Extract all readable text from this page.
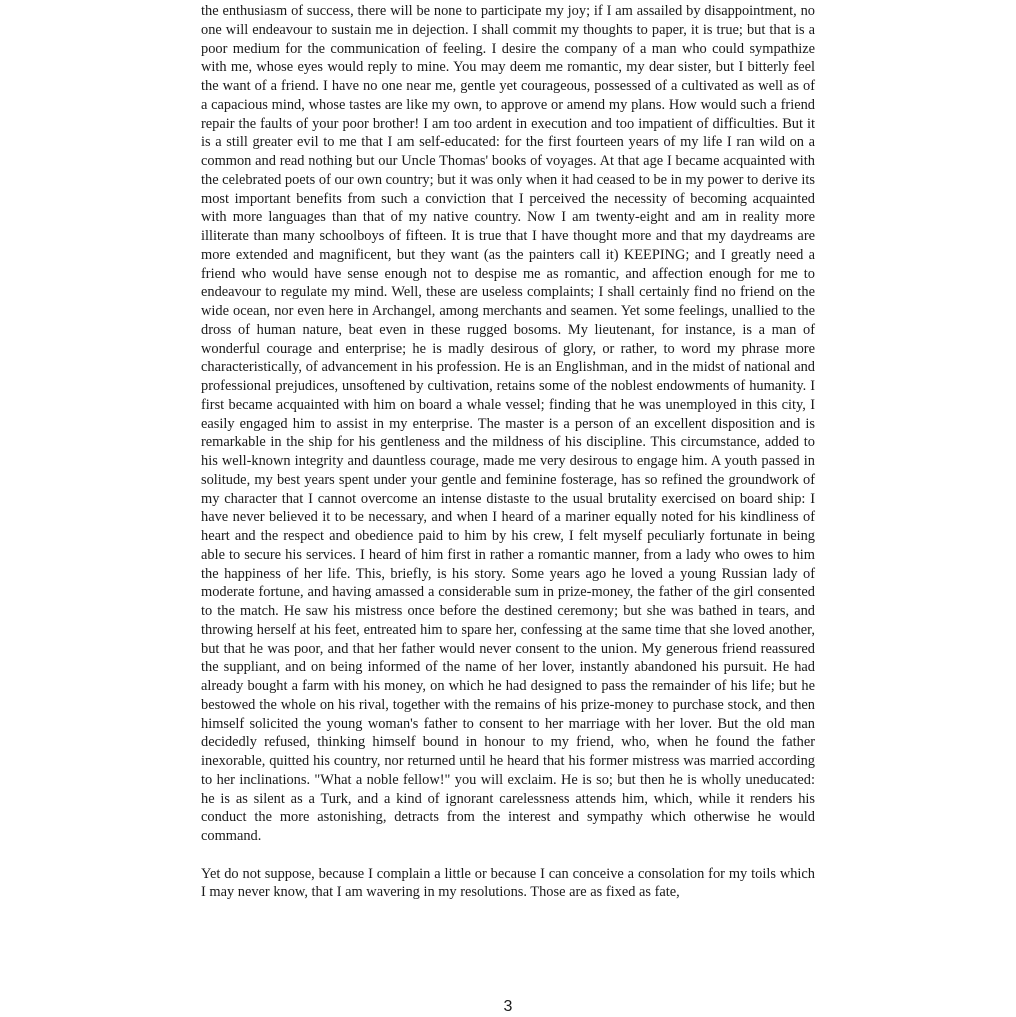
the enthusiasm of success, there will be none to participate my joy; if I am assailed by disappointment, no one will endeavour to sustain me in dejection. I shall commit my thoughts to paper, it is true; but that is a poor medium for the communication of feeling. I desire the company of a man who could sympathize with me, whose eyes would reply to mine. You may deem me romantic, my dear sister, but I bitterly feel the want of a friend. I have no one near me, gentle yet courageous, possessed of a cultivated as well as of a capacious mind, whose tastes are like my own, to approve or amend my plans. How would such a friend repair the faults of your poor brother! I am too ardent in execution and too impatient of difficulties. But it is a still greater evil to me that I am self-educated: for the first fourteen years of my life I ran wild on a common and read nothing but our Uncle Thomas' books of voyages. At that age I became acquainted with the celebrated poets of our own country; but it was only when it had ceased to be in my power to derive its most important benefits from such a conviction that I perceived the necessity of becoming acquainted with more languages than that of my native country. Now I am twenty-eight and am in reality more illiterate than many schoolboys of fifteen. It is true that I have thought more and that my daydreams are more extended and magnificent, but they want (as the painters call it) KEEPING; and I greatly need a friend who would have sense enough not to despise me as romantic, and affection enough for me to endeavour to regulate my mind. Well, these are useless complaints; I shall certainly find no friend on the wide ocean, nor even here in Archangel, among merchants and seamen. Yet some feelings, unallied to the dross of human nature, beat even in these rugged bosoms. My lieutenant, for instance, is a man of wonderful courage and enterprise; he is madly desirous of glory, or rather, to word my phrase more characteristically, of advancement in his profession. He is an Englishman, and in the midst of national and professional prejudices, unsoftened by cultivation, retains some of the noblest endowments of humanity. I first became acquainted with him on board a whale vessel; finding that he was unemployed in this city, I easily engaged him to assist in my enterprise. The master is a person of an excellent disposition and is remarkable in the ship for his gentleness and the mildness of his discipline. This circumstance, added to his well-known integrity and dauntless courage, made me very desirous to engage him. A youth passed in solitude, my best years spent under your gentle and feminine fosterage, has so refined the groundwork of my character that I cannot overcome an intense distaste to the usual brutality exercised on board ship: I have never believed it to be necessary, and when I heard of a mariner equally noted for his kindliness of heart and the respect and obedience paid to him by his crew, I felt myself peculiarly fortunate in being able to secure his services. I heard of him first in rather a romantic manner, from a lady who owes to him the happiness of her life. This, briefly, is his story. Some years ago he loved a young Russian lady of moderate fortune, and having amassed a considerable sum in prize-money, the father of the girl consented to the match. He saw his mistress once before the destined ceremony; but she was bathed in tears, and throwing herself at his feet, entreated him to spare her, confessing at the same time that she loved another, but that he was poor, and that her father would never consent to the union. My generous friend reassured the suppliant, and on being informed of the name of her lover, instantly abandoned his pursuit. He had already bought a farm with his money, on which he had designed to pass the remainder of his life; but he bestowed the whole on his rival, together with the remains of his prize-money to purchase stock, and then himself solicited the young woman's father to consent to her marriage with her lover. But the old man decidedly refused, thinking himself bound in honour to my friend, who, when he found the father inexorable, quitted his country, nor returned until he heard that his former mistress was married according to her inclinations. "What a noble fellow!" you will exclaim. He is so; but then he is wholly uneducated: he is as silent as a Turk, and a kind of ignorant carelessness attends him, which, while it renders his conduct the more astonishing, detracts from the interest and sympathy which otherwise he would command.

Yet do not suppose, because I complain a little or because I can conceive a consolation for my toils which I may never know, that I am wavering in my resolutions. Those are as fixed as fate,

3
